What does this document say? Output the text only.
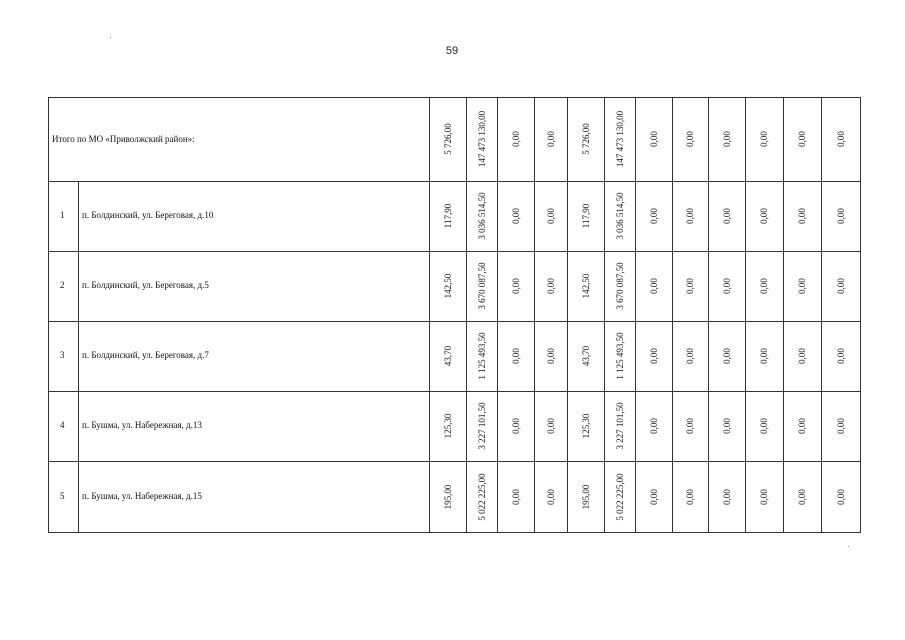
59
Итого по МО «Приволжский район»:	5 726,00	147 473 130,00	0,00	0,00	5 726,00	147 473 130,00	0,00	0,00	0,00	0,00	0,00	0,00
1 п. Болдинский, ул. Береговая, д.10	117,90	3 036 514,50	0,00	0,00	117,90	3 036 514,50	0,00	0,00	0,00	0,00	0,00	0,00
2 п. Болдинский, ул. Береговая, д.5	142,50	3 670 087,50	0,00	0,00	142,50	3 670 087,50	0,00	0,00	0,00	0,00	0,00	0,00
3 п. Болдинский, ул. Береговая, д.7	43,70	1 125 493,50	0,00	0,00	43,70	1 125 493,50	0,00	0,00	0,00	0,00	0,00	0,00
4 п. Бушма, ул. Набережная, д.13	125,30	3 227 101,50	0,00	0,00	125,30	3 227 101,50	0,00	0,00	0,00	0,00	0,00	0,00
5 п. Бушма, ул. Набережная, д.15	195,00	5 022 225,00	0,00	0,00	195,00	5 022 225,00	0,00	0,00	0,00	0,00	0,00	0,00
